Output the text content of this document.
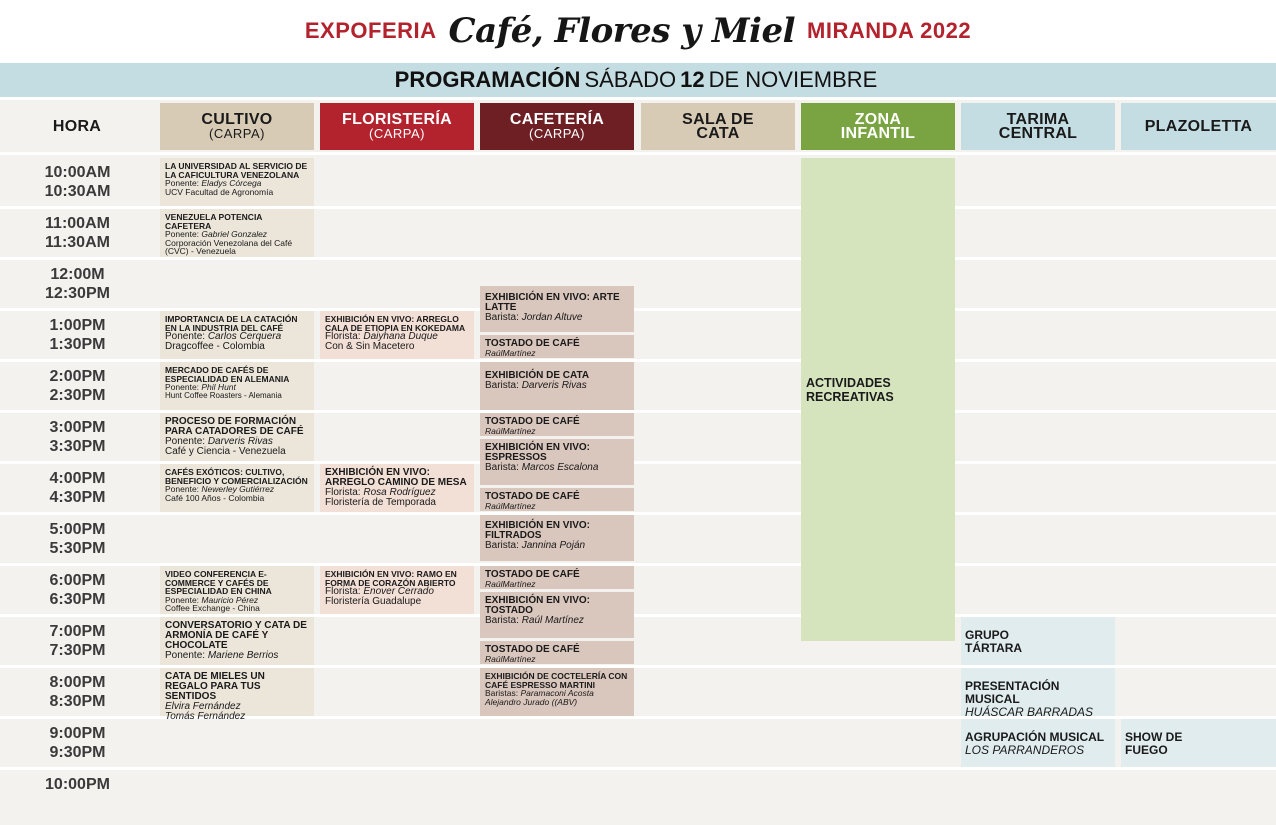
EXPOFERIA Café, Flores y Miel MIRANDA 2022
PROGRAMACIÓN SÁBADO 12 DE NOVIEMBRE
HORA	CULTIVO
(CARPA)
FLORISTERÍA
(CARPA)
CAFETERÍA
(CARPA)
SALA DE CATA
ZONA INFANTIL
TARIMA CENTRAL	PLAZOLETTA
10:00AM
10:30AM
11:00AM
11:30AM
12:00M
12:30PM
1:00PM
1:30PM
2:00PM
2:30PM
3:00PM
3:30PM
4:00PM
4:30PM
5:00PM
5:30PM
6:00PM
6:30PM
7:00PM
7:30PM
8:00PM
8:30PM
9:00PM
9:30PM
10:00PM
ACTIVIDADES RECREATIVAS
LA UNIVERSIDAD AL SERVICIO DE LA CAFICULTURA VENEZOLANA
Ponente: Eladys Córcega
UCV Facultad de Agronomía
VENEZUELA POTENCIA CAFETERA
Ponente: Gabriel Gonzalez
Corporación Venezolana del Café (CVC) - Venezuela
IMPORTANCIA DE LA CATACIÓN EN LA INDUSTRIA DEL CAFÉ
Ponente: Carlos Cerquera
Dragcoffee - Colombia
MERCADO DE CAFÉS DE ESPECIALIDAD EN ALEMANIA
Ponente: Phil Hunt
Hunt Coffee Roasters - Alemania
PROCESO DE FORMACIÓN PARA CATADORES DE CAFÉ
Ponente: Darveris Rivas
Café y Ciencia - Venezuela
CAFÉS EXÓTICOS: CULTIVO, BENEFICIO Y COMERCIALIZACIÓN
Ponente: Newerley Gutiérrez
Café 100 Años - Colombia
VIDEO CONFERENCIA E-COMMERCE Y CAFÉS DE ESPECIALIDAD EN CHINA
Ponente: Mauricio Pérez
Coffee Exchange - China
CONVERSATORIO Y CATA DE ARMONÍA DE CAFÉ Y CHOCOLATE
Ponente: Mariene Berrios
CATA DE MIELES UN REGALO PARA TUS SENTIDOS
Elvira Fernández
Tomás Fernández
EXHIBICIÓN EN VIVO: ARREGLO CALA DE ETIOPIA EN KOKEDAMA
Florista: Daiyhana Duque
Con & Sin Macetero
EXHIBICIÓN EN VIVO: ARREGLO CAMINO DE MESA
Florista: Rosa Rodríguez
Floristería de Temporada
EXHIBICIÓN EN VIVO: RAMO EN FORMA DE CORAZÓN ABIERTO
Florista: Enover Cerrado
Floristería Guadalupe
EXHIBICIÓN EN VIVO: ARTE LATTE
Barista: Jordan Altuve
TOSTADO DE CAFÉ
RaúlMartínez
EXHIBICIÓN DE CATA
Barista: Darveris Rivas
TOSTADO DE CAFÉ
RaúlMartínez
EXHIBICIÓN EN VIVO: ESPRESSOS
Barista: Marcos Escalona
TOSTADO DE CAFÉ
RaúlMartínez
EXHIBICIÓN EN VIVO: FILTRADOS
Barista: Jannina Poján
TOSTADO DE CAFÉ
RaúlMartínez
EXHIBICIÓN EN VIVO: TOSTADO
Barista: Raúl Martínez
TOSTADO DE CAFÉ
RaúlMartínez
EXHIBICIÓN DE COCTELERÍA CON CAFÉ ESPRESSO MARTINI
Baristas: Paramaconi Acosta
Alejandro Jurado ((ABV)
GRUPO TÁRTARA
PRESENTACIÓN MUSICAL
HUÁSCAR BARRADAS
AGRUPACIÓN MUSICAL
LOS PARRANDEROS
SHOW DE FUEGO
